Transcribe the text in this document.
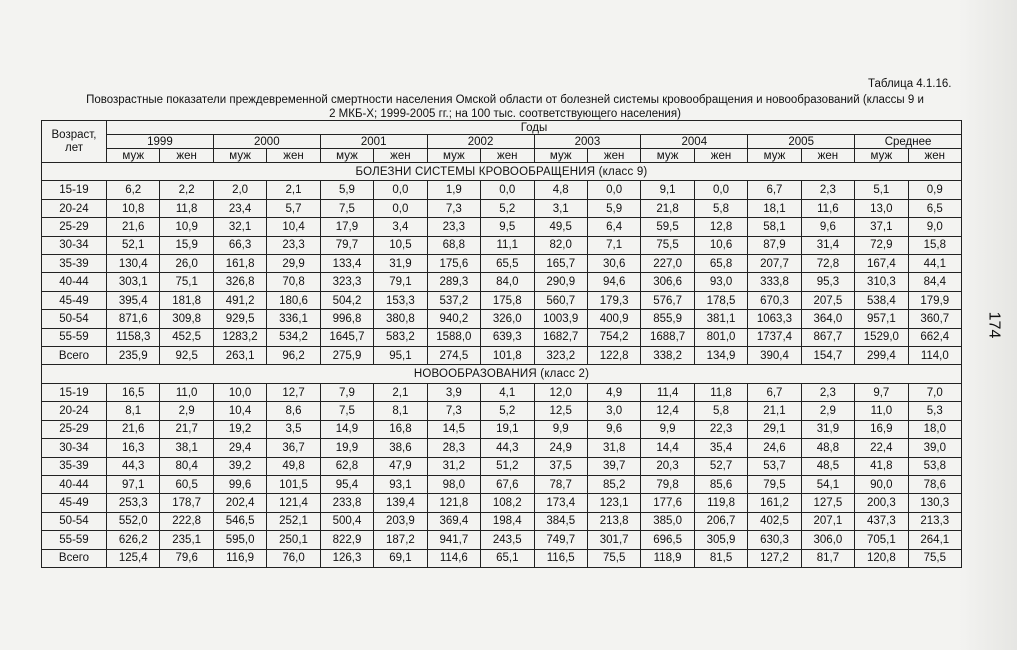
Таблица 4.1.16.
Повозрастные показатели преждевременной смертности населения Омской области от болезней системы кровообращения и новообразований (классы 9 и
2 МКБ-Х; 1999-2005 гг.; на 100 тыс. соответствующего населения)
Возраст, лет	Годы															
	1999		2000		2001		2002		2003		2004		2005		Среднее	
	муж	жен	муж	жен	муж	жен	муж	жен	муж	жен	муж	жен	муж	жен	муж	жен
БОЛЕЗНИ СИСТЕМЫ КРОВООБРАЩЕНИЯ (класс 9)																
15-19	6,2	2,2	2,0	2,1	5,9	0,0	1,9	0,0	4,8	0,0	9,1	0,0	6,7	2,3	5,1	0,9
20-24	10,8	11,8	23,4	5,7	7,5	0,0	7,3	5,2	3,1	5,9	21,8	5,8	18,1	11,6	13,0	6,5
25-29	21,6	10,9	32,1	10,4	17,9	3,4	23,3	9,5	49,5	6,4	59,5	12,8	58,1	9,6	37,1	9,0
30-34	52,1	15,9	66,3	23,3	79,7	10,5	68,8	11,1	82,0	7,1	75,5	10,6	87,9	31,4	72,9	15,8
35-39	130,4	26,0	161,8	29,9	133,4	31,9	175,6	65,5	165,7	30,6	227,0	65,8	207,7	72,8	167,4	44,1
40-44	303,1	75,1	326,8	70,8	323,3	79,1	289,3	84,0	290,9	94,6	306,6	93,0	333,8	95,3	310,3	84,4
45-49	395,4	181,8	491,2	180,6	504,2	153,3	537,2	175,8	560,7	179,3	576,7	178,5	670,3	207,5	538,4	179,9
50-54	871,6	309,8	929,5	336,1	996,8	380,8	940,2	326,0	1003,9	400,9	855,9	381,1	1063,3	364,0	957,1	360,7
55-59	1158,3	452,5	1283,2	534,2	1645,7	583,2	1588,0	639,3	1682,7	754,2	1688,7	801,0	1737,4	867,7	1529,0	662,4
Всего	235,9	92,5	263,1	96,2	275,9	95,1	274,5	101,8	323,2	122,8	338,2	134,9	390,4	154,7	299,4	114,0
НОВООБРАЗОВАНИЯ (класс 2)																
15-19	16,5	11,0	10,0	12,7	7,9	2,1	3,9	4,1	12,0	4,9	11,4	11,8	6,7	2,3	9,7	7,0
20-24	8,1	2,9	10,4	8,6	7,5	8,1	7,3	5,2	12,5	3,0	12,4	5,8	21,1	2,9	11,0	5,3
25-29	21,6	21,7	19,2	3,5	14,9	16,8	14,5	19,1	9,9	9,6	9,9	22,3	29,1	31,9	16,9	18,0
30-34	16,3	38,1	29,4	36,7	19,9	38,6	28,3	44,3	24,9	31,8	14,4	35,4	24,6	48,8	22,4	39,0
35-39	44,3	80,4	39,2	49,8	62,8	47,9	31,2	51,2	37,5	39,7	20,3	52,7	53,7	48,5	41,8	53,8
40-44	97,1	60,5	99,6	101,5	95,4	93,1	98,0	67,6	78,7	85,2	79,8	85,6	79,5	54,1	90,0	78,6
45-49	253,3	178,7	202,4	121,4	233,8	139,4	121,8	108,2	173,4	123,1	177,6	119,8	161,2	127,5	200,3	130,3
50-54	552,0	222,8	546,5	252,1	500,4	203,9	369,4	198,4	384,5	213,8	385,0	206,7	402,5	207,1	437,3	213,3
55-59	626,2	235,1	595,0	250,1	822,9	187,2	941,7	243,5	749,7	301,7	696,5	305,9	630,3	306,0	705,1	264,1
Всего	125,4	79,6	116,9	76,0	126,3	69,1	114,6	65,1	116,5	75,5	118,9	81,5	127,2	81,7	120,8	75,5
174
